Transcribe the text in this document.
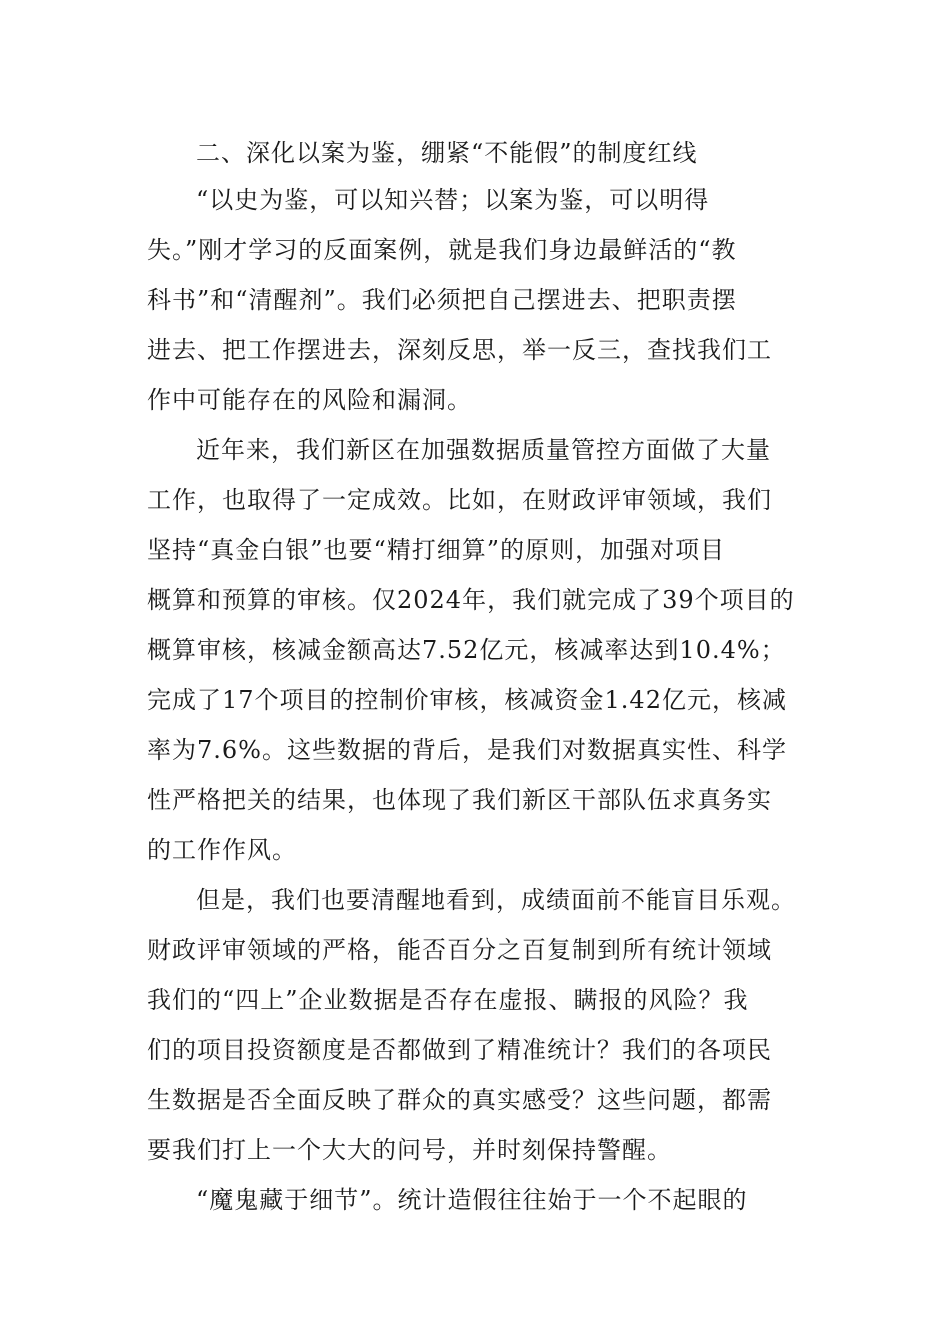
二、深化以案为鉴，绷紧“不能假”的制度红线
“以史为鉴，可以知兴替；以案为鉴，可以明得
失。”刚才学习的反面案例，就是我们身边最鲜活的“教
科书”和“清醒剂”。我们必须把自己摆进去、把职责摆
进去、把工作摆进去，深刻反思，举一反三，查找我们工
作中可能存在的风险和漏洞。
近年来，我们新区在加强数据质量管控方面做了大量
工作，也取得了一定成效。比如，在财政评审领域，我们
坚持“真金白银”也要“精打细算”的原则，加强对项目
概算和预算的审核。仅2024年，我们就完成了39个项目的
概算审核，核减金额高达7.52亿元，核减率达到10.4%；
完成了17个项目的控制价审核，核减资金1.42亿元，核减
率为7.6%。这些数据的背后，是我们对数据真实性、科学
性严格把关的结果，也体现了我们新区干部队伍求真务实
的工作作风。
但是，我们也要清醒地看到，成绩面前不能盲目乐观。
财政评审领域的严格，能否百分之百复制到所有统计领域
我们的“四上”企业数据是否存在虚报、瞒报的风险？我
们的项目投资额度是否都做到了精准统计？我们的各项民
生数据是否全面反映了群众的真实感受？这些问题，都需
要我们打上一个大大的问号，并时刻保持警醒。
“魔鬼藏于细节”。统计造假往往始于一个不起眼的
